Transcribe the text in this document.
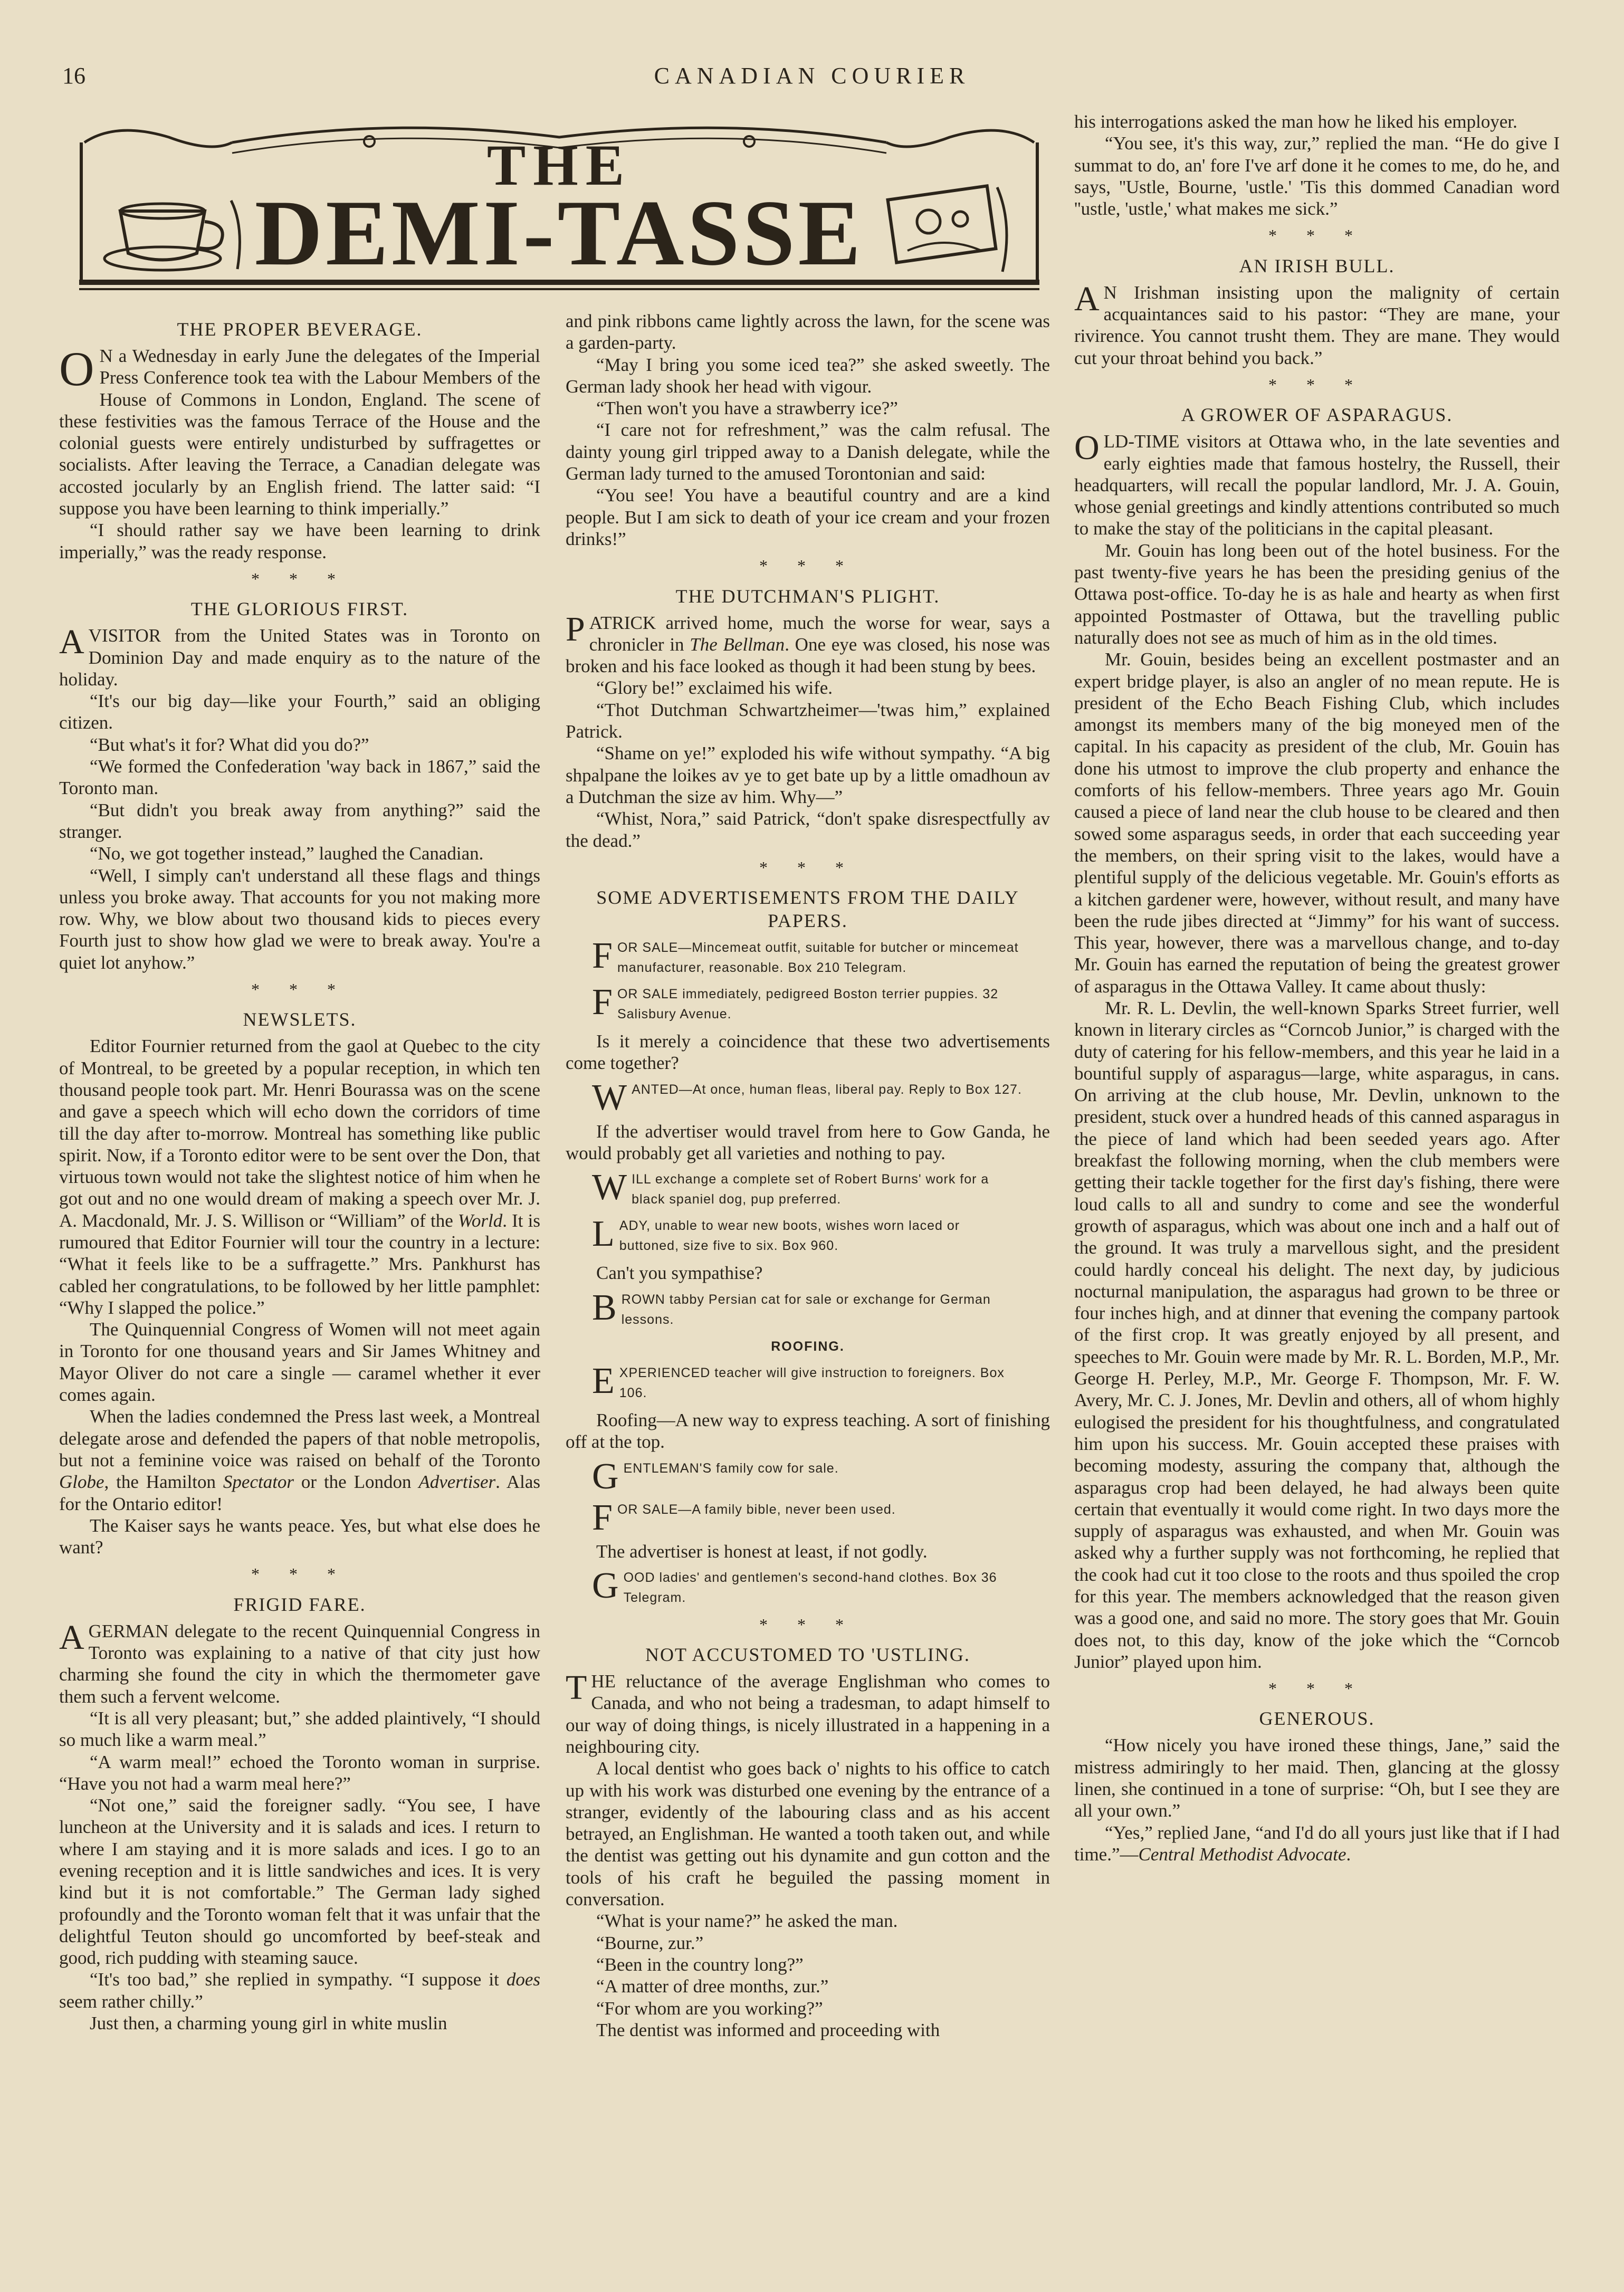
16	CANADIAN COURIER
THE
DEMI-TASSE
THE PROPER BEVERAGE.

O N a Wednesday in early June the delegates of the Imperial Press Conference took tea with the Labour Members of the House of Commons in London, England. The scene of these festivities was the famous Terrace of the House and the colonial guests were entirely undisturbed by suffragettes or socialists. After leaving the Terrace, a Canadian delegate was accosted jocularly by an English friend. The latter said: “I suppose you have been learning to think imperially.”

“I should rather say we have been learning to drink imperially,” was the ready response.

* * *
THE GLORIOUS FIRST.

AVISITOR from the United States was in Toronto on Dominion Day and made enquiry as to the nature of the holiday.

“It's our big day—like your Fourth,” said an obliging citizen.

“But what's it for? What did you do?”

“We formed the Confederation 'way back in 1867,” said the Toronto man.

“But didn't you break away from anything?” said the stranger.

“No, we got together instead,” laughed the Canadian.

“Well, I simply can't understand all these flags and things unless you broke away. That accounts for you not making more row. Why, we blow about two thousand kids to pieces every Fourth just to show how glad we were to break away. You're a quiet lot anyhow.”

* * *
NEWSLETS.

Editor Fournier returned from the gaol at Quebec to the city of Montreal, to be greeted by a popular reception, in which ten thousand people took part. Mr. Henri Bourassa was on the scene and gave a speech which will echo down the corridors of time till the day after to-morrow. Montreal has something like public spirit. Now, if a Toronto editor were to be sent over the Don, that virtuous town would not take the slightest notice of him when he got out and no one would dream of making a speech over Mr. J. A. Macdonald, Mr. J. S. Willison or “William” of the World. It is rumoured that Editor Fournier will tour the country in a lecture: “What it feels like to be a suffragette.” Mrs. Pankhurst has cabled her congratulations, to be followed by her little pamphlet: “Why I slapped the police.”

The Quinquennial Congress of Women will not meet again in Toronto for one thousand years and Sir James Whitney and Mayor Oliver do not care a single — caramel whether it ever comes again.

When the ladies condemned the Press last week, a Montreal delegate arose and defended the papers of that noble metropolis, but not a feminine voice was raised on behalf of the Toronto Globe, the Hamilton Spectator or the London Advertiser. Alas for the Ontario editor!

The Kaiser says he wants peace. Yes, but what else does he want?

* * *
FRIGID FARE.

AGERMAN delegate to the recent Quinquennial Congress in Toronto was explaining to a native of that city just how charming she found the city in which the thermometer gave them such a fervent welcome.

“It is all very pleasant; but,” she added plaintively, “I should so much like a warm meal.”

“A warm meal!” echoed the Toronto woman in surprise. “Have you not had a warm meal here?”

“Not one,” said the foreigner sadly. “You see, I have luncheon at the University and it is salads and ices. I return to where I am staying and it is more salads and ices. I go to an evening reception and it is little sandwiches and ices. It is very kind but it is not comfortable.” The German lady sighed profoundly and the Toronto woman felt that it was unfair that the delightful Teuton should go uncomforted by beef-steak and good, rich pudding with steaming sauce.

“It's too bad,” she replied in sympathy. “I suppose it does seem rather chilly.”

Just then, a charming young girl in white muslin

and pink ribbons came lightly across the lawn, for the scene was a garden-party.

“May I bring you some iced tea?” she asked sweetly. The German lady shook her head with vigour.

“Then won't you have a strawberry ice?”

“I care not for refreshment,” was the calm refusal. The dainty young girl tripped away to a Danish delegate, while the German lady turned to the amused Torontonian and said:

“You see! You have a beautiful country and are a kind people. But I am sick to death of your ice cream and your frozen drinks!”

* * *
THE DUTCHMAN'S PLIGHT.

PATRICK arrived home, much the worse for wear, says a chronicler in The Bellman. One eye was closed, his nose was broken and his face looked as though it had been stung by bees.

“Glory be!” exclaimed his wife.

“Thot Dutchman Schwartzheimer—'twas him,” explained Patrick.

“Shame on ye!” exploded his wife without sympathy. “A big shpalpane the loikes av ye to get bate up by a little omadhoun av a Dutchman the size av him. Why—”

“Whist, Nora,” said Patrick, “don't spake disrespectfully av the dead.”

* * *
SOME ADVERTISEMENTS FROM THE DAILY PAPERS.
FOR SALE—Mincemeat outfit, suitable for butcher or mincemeat manufacturer, reasonable. Box 210 Telegram.
FOR SALE immediately, pedigreed Boston terrier puppies. 32 Salisbury Avenue.

Is it merely a coincidence that these two advertisements come together?

WANTED—At once, human fleas, liberal pay. Reply to Box 127.

If the advertiser would travel from here to Gow Ganda, he would probably get all varieties and nothing to pay.

WILL exchange a complete set of Robert Burns' work for a black spaniel dog, pup preferred.
LADY, unable to wear new boots, wishes worn laced or buttoned, size five to six. Box 960.

Can't you sympathise?

BROWN tabby Persian cat for sale or exchange for German lessons.
ROOFING.
EXPERIENCED teacher will give instruction to foreigners. Box 106.

Roofing—A new way to express teaching. A sort of finishing off at the top.

GENTLEMAN'S family cow for sale.
FOR SALE—A family bible, never been used.

The advertiser is honest at least, if not godly.

GOOD ladies' and gentlemen's second-hand clothes. Box 36 Telegram.
* * *
NOT ACCUSTOMED TO 'USTLING.

THE reluctance of the average Englishman who comes to Canada, and who not being a tradesman, to adapt himself to our way of doing things, is nicely illustrated in a happening in a neighbouring city.

A local dentist who goes back o' nights to his office to catch up with his work was disturbed one evening by the entrance of a stranger, evidently of the labouring class and as his accent betrayed, an Englishman. He wanted a tooth taken out, and while the dentist was getting out his dynamite and gun cotton and the tools of his craft he beguiled the passing moment in conversation.

“What is your name?” he asked the man.

“Bourne, zur.”

“Been in the country long?”

“A matter of dree months, zur.”

“For whom are you working?”

The dentist was informed and proceeding with

his interrogations asked the man how he liked his employer.

“You see, it's this way, zur,” replied the man. “He do give I summat to do, an' fore I've arf done it he comes to me, do he, and says, ''Ustle, Bourne, 'ustle.' 'Tis this dommed Canadian word ''ustle, 'ustle,' what makes me sick.”

* * *
AN IRISH BULL.

A N Irishman insisting upon the malignity of certain acquaintances said to his pastor: “They are mane, your rivirence. You cannot trusht them. They are mane. They would cut your throat behind you back.”

* * *
A GROWER OF ASPARAGUS.

OLD-TIME visitors at Ottawa who, in the late seventies and early eighties made that famous hostelry, the Russell, their headquarters, will recall the popular landlord, Mr. J. A. Gouin, whose genial greetings and kindly attentions contributed so much to make the stay of the politicians in the capital pleasant.

Mr. Gouin has long been out of the hotel business. For the past twenty-five years he has been the presiding genius of the Ottawa post-office. To-day he is as hale and hearty as when first appointed Postmaster of Ottawa, but the travelling public naturally does not see as much of him as in the old times.

Mr. Gouin, besides being an excellent postmaster and an expert bridge player, is also an angler of no mean repute. He is president of the Echo Beach Fishing Club, which includes amongst its members many of the big moneyed men of the capital. In his capacity as president of the club, Mr. Gouin has done his utmost to improve the club property and enhance the comforts of his fellow-members. Three years ago Mr. Gouin caused a piece of land near the club house to be cleared and then sowed some asparagus seeds, in order that each succeeding year the members, on their spring visit to the lakes, would have a plentiful supply of the delicious vegetable. Mr. Gouin's efforts as a kitchen gardener were, however, without result, and many have been the rude jibes directed at “Jimmy” for his want of success. This year, however, there was a marvellous change, and to-day Mr. Gouin has earned the reputation of being the greatest grower of asparagus in the Ottawa Valley. It came about thusly:

Mr. R. L. Devlin, the well-known Sparks Street furrier, well known in literary circles as “Corncob Junior,” is charged with the duty of catering for his fellow-members, and this year he laid in a bountiful supply of asparagus—large, white asparagus, in cans. On arriving at the club house, Mr. Devlin, unknown to the president, stuck over a hundred heads of this canned asparagus in the piece of land which had been seeded years ago. After breakfast the following morning, when the club members were getting their tackle together for the first day's fishing, there were loud calls to all and sundry to come and see the wonderful growth of asparagus, which was about one inch and a half out of the ground. It was truly a marvellous sight, and the president could hardly conceal his delight. The next day, by judicious nocturnal manipulation, the asparagus had grown to be three or four inches high, and at dinner that evening the company partook of the first crop. It was greatly enjoyed by all present, and speeches to Mr. Gouin were made by Mr. R. L. Borden, M.P., Mr. George H. Perley, M.P., Mr. George F. Thompson, Mr. F. W. Avery, Mr. C. J. Jones, Mr. Devlin and others, all of whom highly eulogised the president for his thoughtfulness, and congratulated him upon his success. Mr. Gouin accepted these praises with becoming modesty, assuring the company that, although the asparagus crop had been delayed, he had always been quite certain that eventually it would come right. In two days more the supply of asparagus was exhausted, and when Mr. Gouin was asked why a further supply was not forthcoming, he replied that the cook had cut it too close to the roots and thus spoiled the crop for this year. The members acknowledged that the reason given was a good one, and said no more. The story goes that Mr. Gouin does not, to this day, know of the joke which the “Corncob Junior” played upon him.

* * *
GENEROUS.

“How nicely you have ironed these things, Jane,” said the mistress admiringly to her maid. Then, glancing at the glossy linen, she continued in a tone of surprise: “Oh, but I see they are all your own.”

“Yes,” replied Jane, “and I'd do all yours just like that if I had time.”—Central Methodist Advocate.
